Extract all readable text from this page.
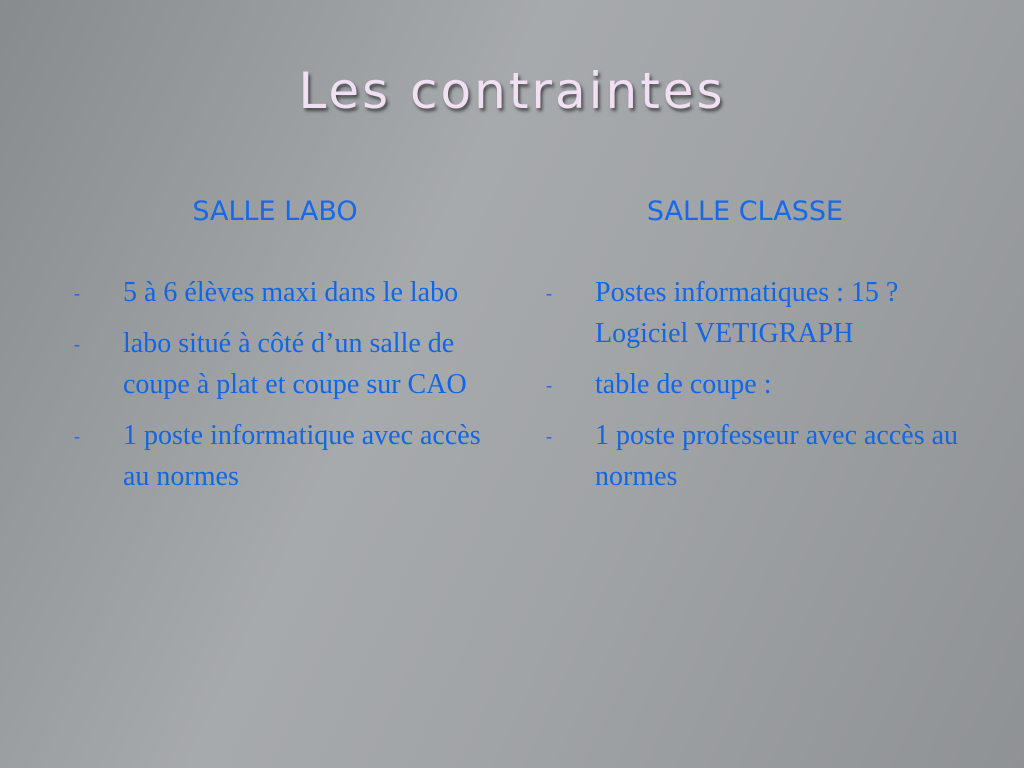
Les contraintes
SALLE LABO	SALLE CLASSE
- 5 à 6 élèves maxi dans le labo
- labo situé à côté d’un salle de coupe à plat et coupe sur CAO
- 1 poste informatique avec accès au normes
- Postes informatiques : 15 ? Logiciel VETIGRAPH
- table de coupe :
- 1 poste professeur avec accès au normes
